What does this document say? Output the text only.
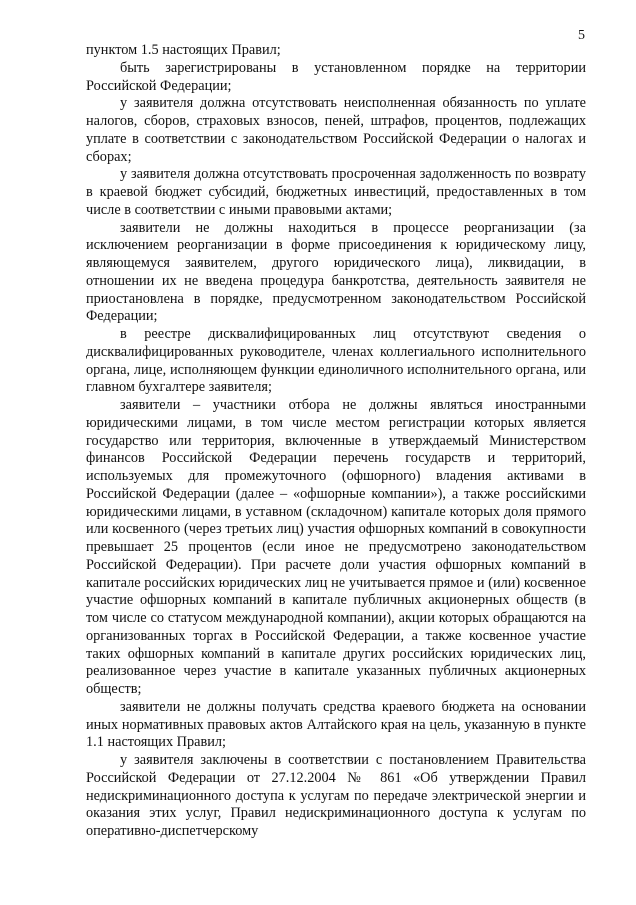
5

пунктом 1.5 настоящих Правил;

быть зарегистрированы в установленном порядке на территории Российской Федерации;

у заявителя должна отсутствовать неисполненная обязанность по уплате налогов, сборов, страховых взносов, пеней, штрафов, процентов, подлежащих уплате в соответствии с законодательством Российской Федерации о налогах и сборах;

у заявителя должна отсутствовать просроченная задолженность по возврату в краевой бюджет субсидий, бюджетных инвестиций, предоставленных в том числе в соответствии с иными правовыми актами;

заявители не должны находиться в процессе реорганизации (за исключением реорганизации в форме присоединения к юридическому лицу, являющемуся заявителем, другого юридического лица), ликвидации, в отношении их не введена процедура банкротства, деятельность заявителя не приостановлена в порядке, предусмотренном законодательством Российской Федерации;

в реестре дисквалифицированных лиц отсутствуют сведения о дисквалифицированных руководителе, членах коллегиального исполнительного органа, лице, исполняющем функции единоличного исполнительного органа, или главном бухгалтере заявителя;

заявители – участники отбора не должны являться иностранными юридическими лицами, в том числе местом регистрации которых является государство или территория, включенные в утверждаемый Министерством финансов Российской Федерации перечень государств и территорий, используемых для промежуточного (офшорного) владения активами в Российской Федерации (далее – «офшорные компании»), а также российскими юридическими лицами, в уставном (складочном) капитале которых доля прямого или косвенного (через третьих лиц) участия офшорных компаний в совокупности превышает 25 процентов (если иное не предусмотрено законодательством Российской Федерации). При расчете доли участия офшорных компаний в капитале российских юридических лиц не учитывается прямое и (или) косвенное участие офшорных компаний в капитале публичных акционерных обществ (в том числе со статусом международной компании), акции которых обращаются на организованных торгах в Российской Федерации, а также косвенное участие таких офшорных компаний в капитале других российских юридических лиц, реализованное через участие в капитале указанных публичных акционерных обществ;

заявители не должны получать средства краевого бюджета на основании иных нормативных правовых актов Алтайского края на цель, указанную в пункте 1.1 настоящих Правил;

у заявителя заключены в соответствии с постановлением Правительства Российской Федерации от 27.12.2004 № 861 «Об утверждении Правил недискриминационного доступа к услугам по передаче электрической энергии и оказания этих услуг, Правил недискриминационного доступа к услугам по оперативно-диспетчерскому
